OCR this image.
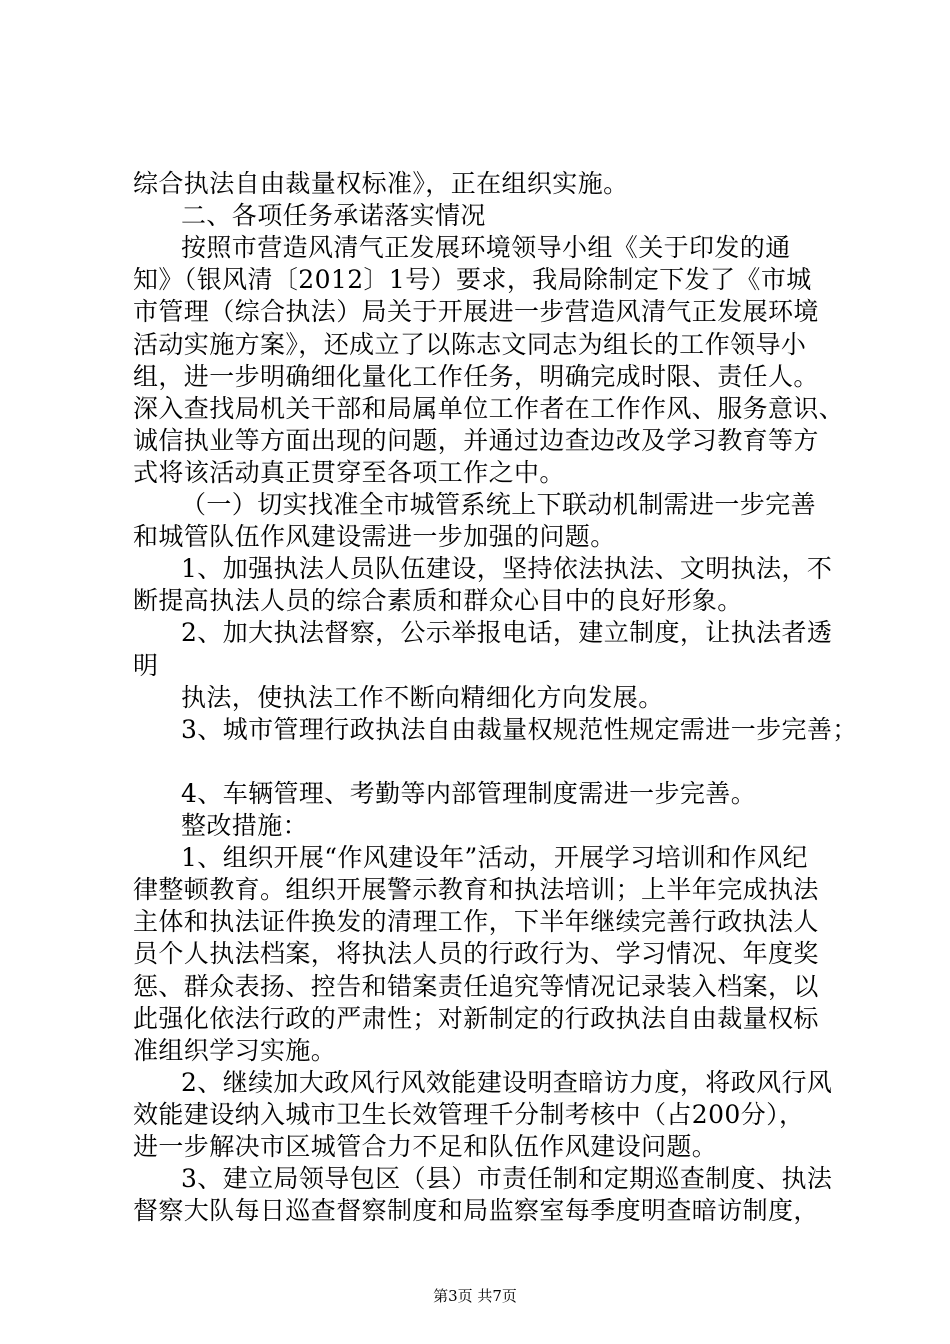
综合执法自由裁量权标准》，正在组织实施。
二、各项任务承诺落实情况
按照市营造风清气正发展环境领导小组《关于印发的通
知》（银风清〔2012〕1号）要求，我局除制定下发了《市城
市管理（综合执法）局关于开展进一步营造风清气正发展环境
活动实施方案》，还成立了以陈志文同志为组长的工作领导小
组，进一步明确细化量化工作任务，明确完成时限、责任人。
深入查找局机关干部和局属单位工作者在工作作风、服务意识、
诚信执业等方面出现的问题，并通过边查边改及学习教育等方
式将该活动真正贯穿至各项工作之中。
（一）切实找准全市城管系统上下联动机制需进一步完善
和城管队伍作风建设需进一步加强的问题。
1、加强执法人员队伍建设，坚持依法执法、文明执法，不
断提高执法人员的综合素质和群众心目中的良好形象。
2、加大执法督察，公示举报电话，建立制度，让执法者透
明
执法，使执法工作不断向精细化方向发展。
3、城市管理行政执法自由裁量权规范性规定需进一步完善；
4、车辆管理、考勤等内部管理制度需进一步完善。
整改措施：
1、组织开展“作风建设年”活动，开展学习培训和作风纪
律整顿教育。组织开展警示教育和执法培训；上半年完成执法
主体和执法证件换发的清理工作，下半年继续完善行政执法人
员个人执法档案，将执法人员的行政行为、学习情况、年度奖
惩、群众表扬、控告和错案责任追究等情况记录装入档案，以
此强化依法行政的严肃性；对新制定的行政执法自由裁量权标
准组织学习实施。
2、继续加大政风行风效能建设明查暗访力度，将政风行风
效能建设纳入城市卫生长效管理千分制考核中（占200分），
进一步解决市区城管合力不足和队伍作风建设问题。
3、建立局领导包区（县）市责任制和定期巡查制度、执法
督察大队每日巡查督察制度和局监察室每季度明查暗访制度，
第3页 共7页
